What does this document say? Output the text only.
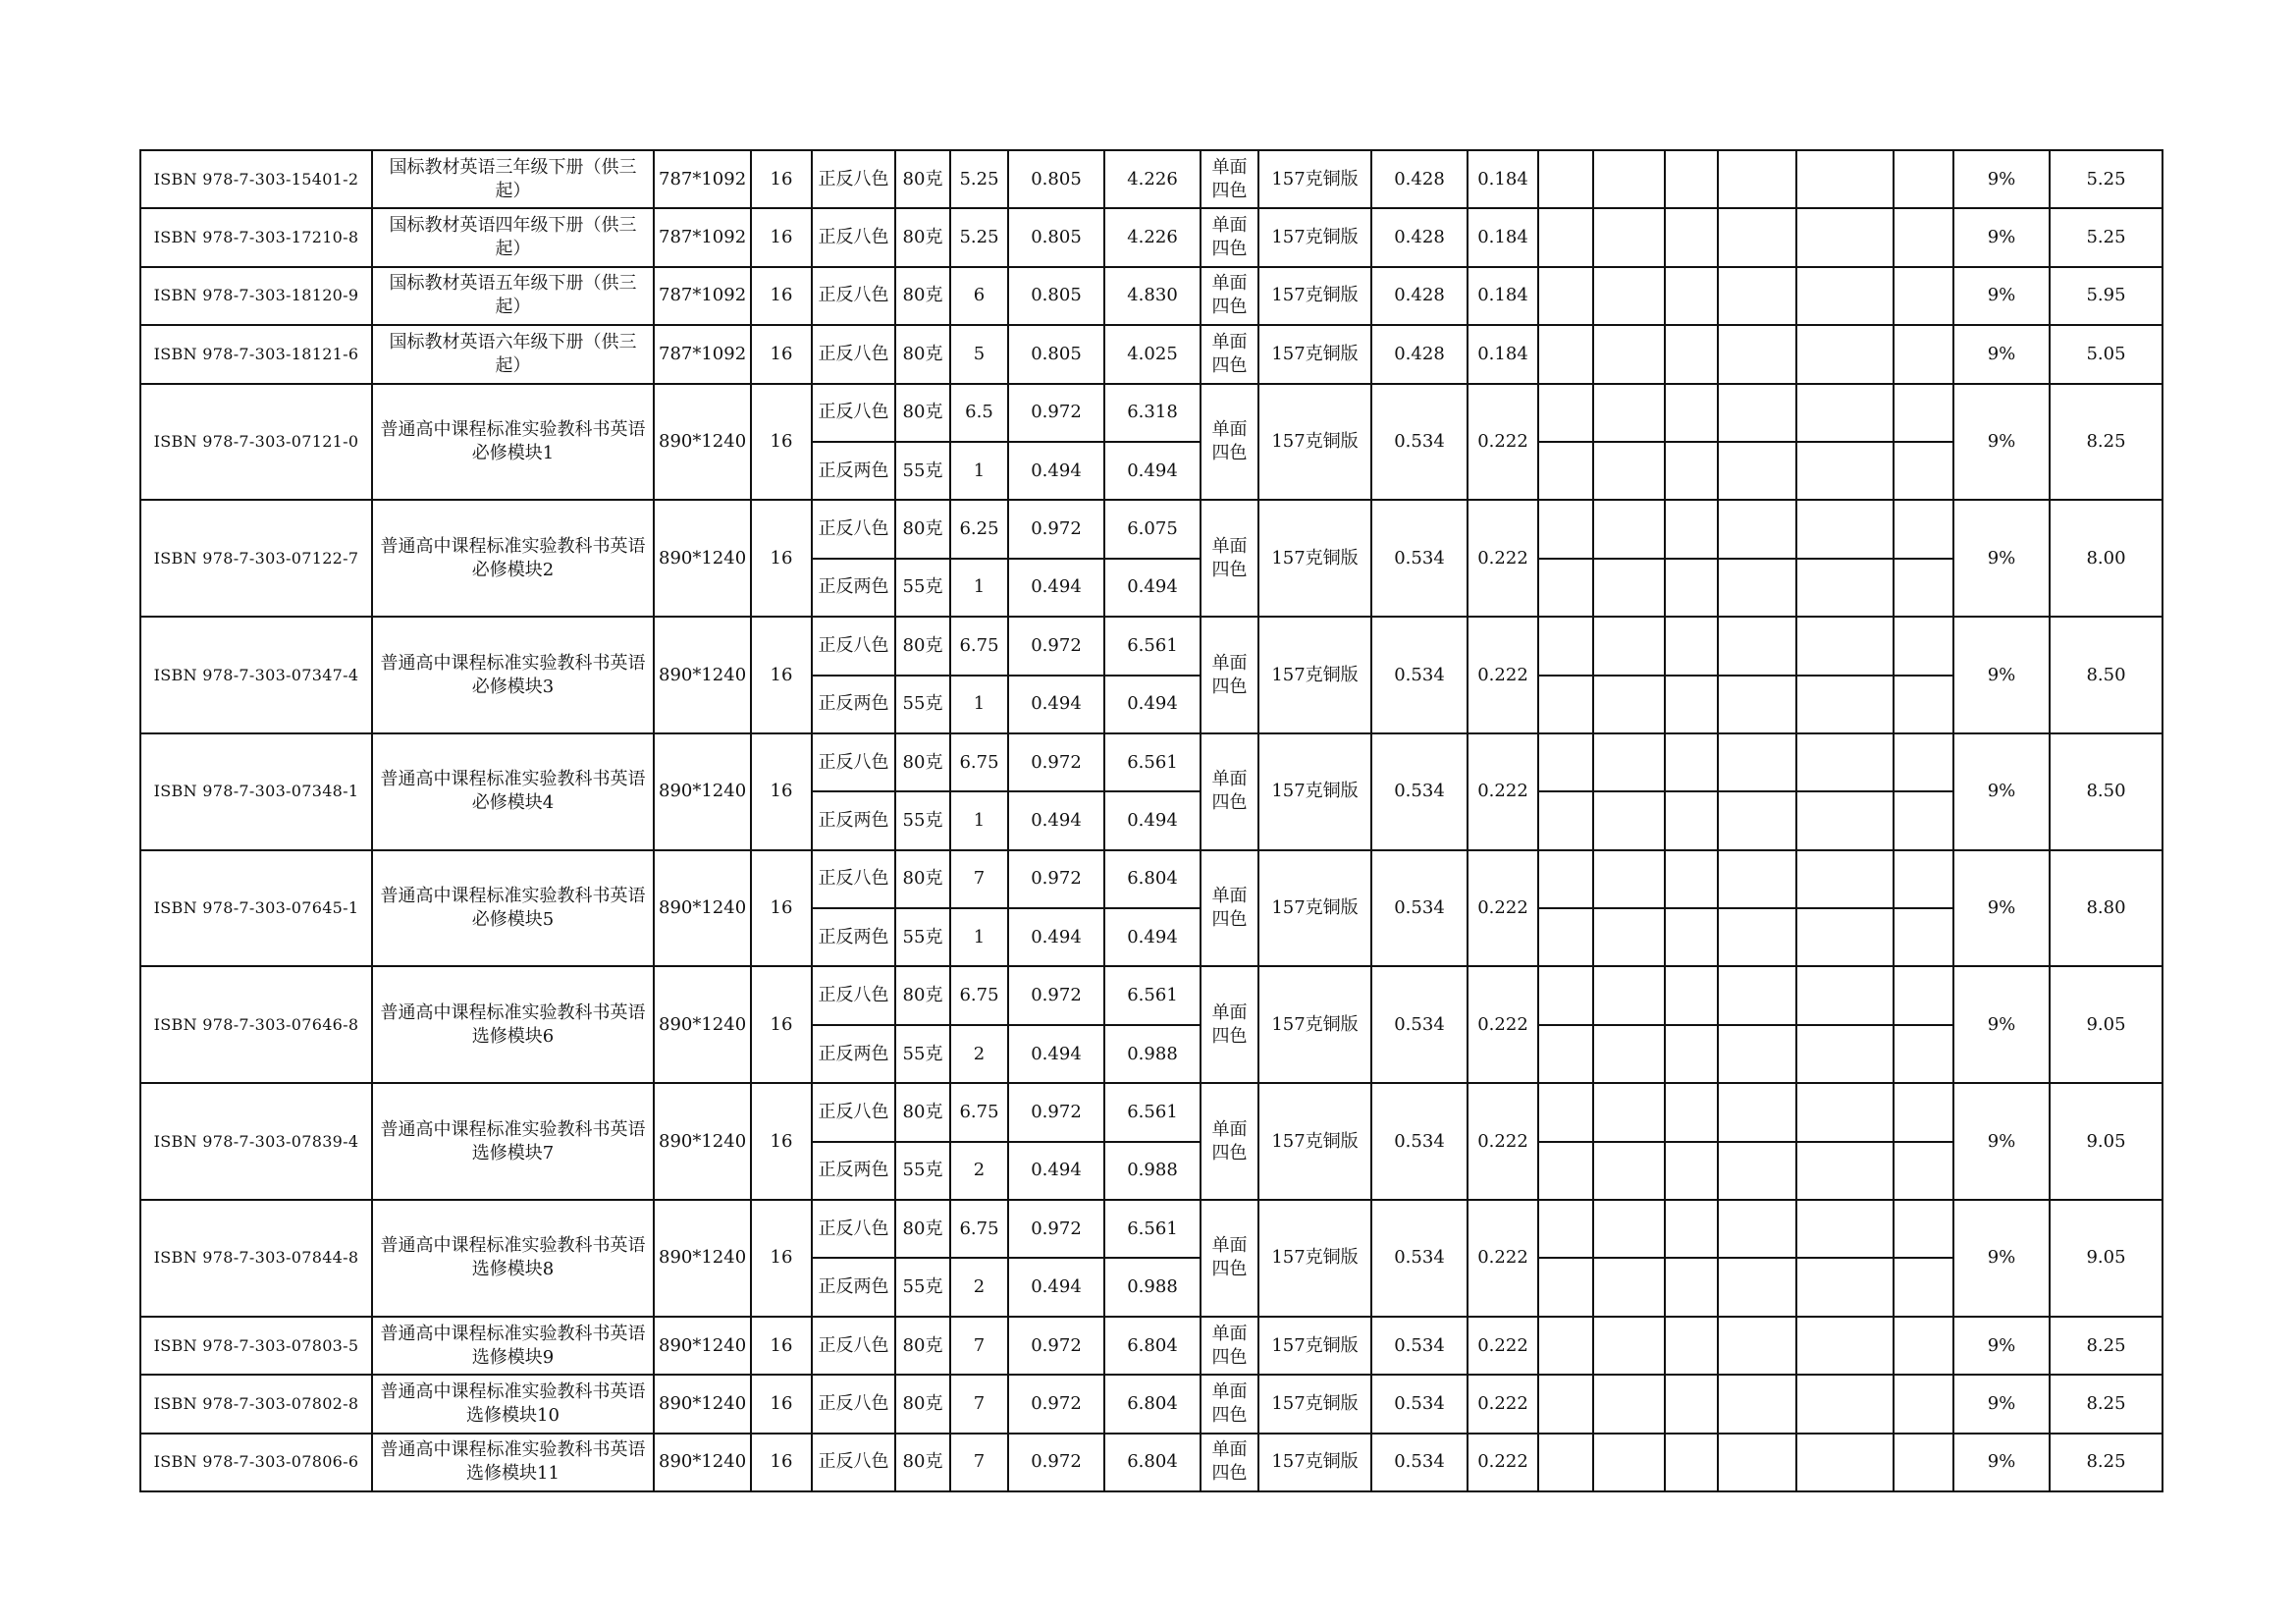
ISBN 978-7-303-15401-2	国标教材英语三年级下册（供三起）	787*1092	16	正反八色	80克	5.25	0.805	4.226	单面四色	157克铜版	0.428	0.184							9%	5.25	
ISBN 978-7-303-17210-8	国标教材英语四年级下册（供三起）	787*1092	16	正反八色	80克	5.25	0.805	4.226	单面四色	157克铜版	0.428	0.184							9%	5.25	
ISBN 978-7-303-18120-9	国标教材英语五年级下册（供三起）	787*1092	16	正反八色	80克	6	0.805	4.830	单面四色	157克铜版	0.428	0.184							9%	5.95	
ISBN 978-7-303-18121-6	国标教材英语六年级下册（供三起）	787*1092	16	正反八色	80克	5	0.805	4.025	单面四色	157克铜版	0.428	0.184							9%	5.05	
ISBN 978-7-303-07121-0	普通高中课程标准实验教科书英语必修模块1	890*1240	16	正反八色	80克	6.5	0.972	6.318	单面四色	157克铜版	0.534	0.222							9%	8.25	
				正反两色	55克	1	0.494	0.494													
ISBN 978-7-303-07122-7	普通高中课程标准实验教科书英语必修模块2	890*1240	16	正反八色	80克	6.25	0.972	6.075	单面四色	157克铜版	0.534	0.222							9%	8.00	
				正反两色	55克	1	0.494	0.494													
ISBN 978-7-303-07347-4	普通高中课程标准实验教科书英语必修模块3	890*1240	16	正反八色	80克	6.75	0.972	6.561	单面四色	157克铜版	0.534	0.222							9%	8.50	
				正反两色	55克	1	0.494	0.494													
ISBN 978-7-303-07348-1	普通高中课程标准实验教科书英语必修模块4	890*1240	16	正反八色	80克	6.75	0.972	6.561	单面四色	157克铜版	0.534	0.222							9%	8.50	
				正反两色	55克	1	0.494	0.494													
ISBN 978-7-303-07645-1	普通高中课程标准实验教科书英语必修模块5	890*1240	16	正反八色	80克	7	0.972	6.804	单面四色	157克铜版	0.534	0.222							9%	8.80	
				正反两色	55克	1	0.494	0.494													
ISBN 978-7-303-07646-8	普通高中课程标准实验教科书英语选修模块6	890*1240	16	正反八色	80克	6.75	0.972	6.561	单面四色	157克铜版	0.534	0.222							9%	9.05	
				正反两色	55克	2	0.494	0.988													
ISBN 978-7-303-07839-4	普通高中课程标准实验教科书英语选修模块7	890*1240	16	正反八色	80克	6.75	0.972	6.561	单面四色	157克铜版	0.534	0.222							9%	9.05	
				正反两色	55克	2	0.494	0.988													
ISBN 978-7-303-07844-8	普通高中课程标准实验教科书英语选修模块8	890*1240	16	正反八色	80克	6.75	0.972	6.561	单面四色	157克铜版	0.534	0.222							9%	9.05	
				正反两色	55克	2	0.494	0.988													
ISBN 978-7-303-07803-5	普通高中课程标准实验教科书英语选修模块9	890*1240	16	正反八色	80克	7	0.972	6.804	单面四色	157克铜版	0.534	0.222							9%	8.25	
ISBN 978-7-303-07802-8	普通高中课程标准实验教科书英语选修模块10	890*1240	16	正反八色	80克	7	0.972	6.804	单面四色	157克铜版	0.534	0.222							9%	8.25	
ISBN 978-7-303-07806-6	普通高中课程标准实验教科书英语选修模块11	890*1240	16	正反八色	80克	7	0.972	6.804	单面四色	157克铜版	0.534	0.222							9%	8.25	
